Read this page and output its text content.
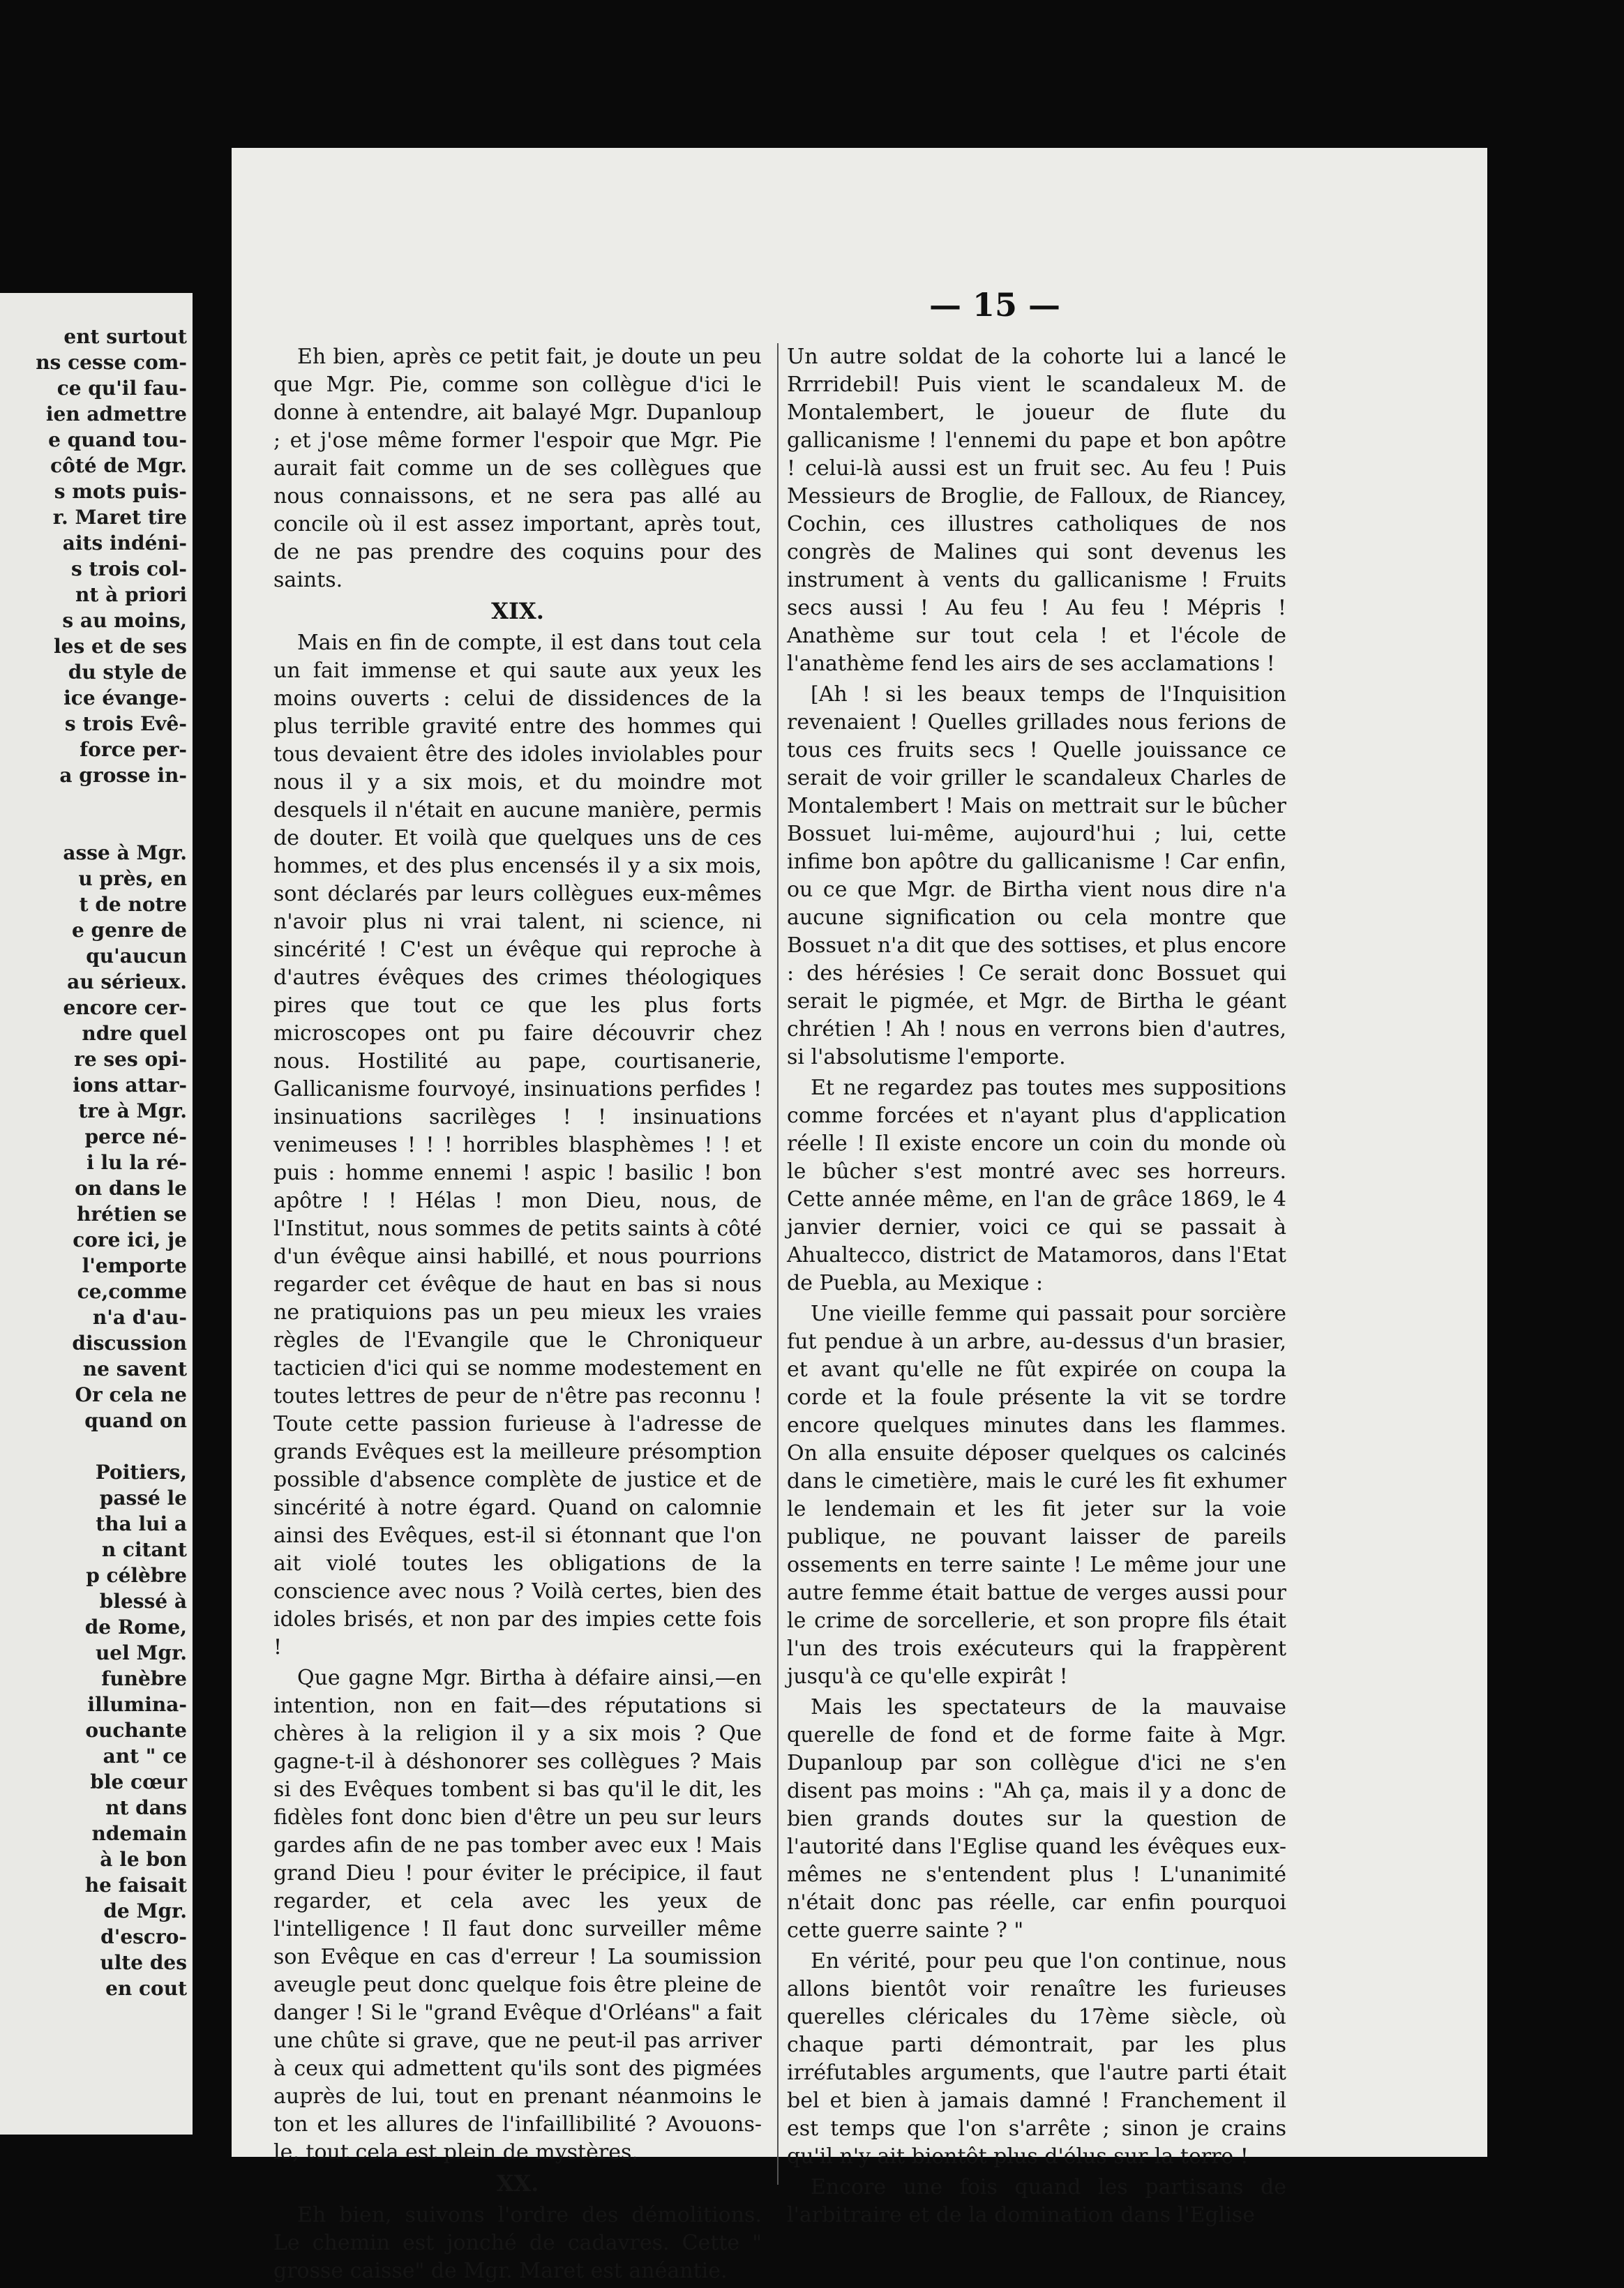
ent surtout
ns cesse com-
ce qu'il fau-
ien admettre
e quand tou-
côté de Mgr.
s mots puis-
r. Maret tire
aits indéni-
s trois col-
nt à priori
s au moins,
les et de ses
du style de
ice évange-
s trois Evê-
force per-
a grosse in-
asse à Mgr.
u près, en
t de notre
e genre de
qu'aucun
au sérieux.
encore cer-
ndre quel
re ses opi-
ions attar-
tre à Mgr.
perce né-
i lu la ré-
on dans le
hrétien se
core ici, je
l'emporte
ce,comme
n'a d'au-
discussion
ne savent
Or cela ne
quand on
Poitiers,
passé le
tha lui a
n citant
p célèbre
blessé à
de Rome,
uel Mgr.
funèbre
illumina-
ouchante
ant " ce
ble cœur
nt dans
ndemain
à le bon
he faisait
de Mgr.
d'escro-
ulte des
en cout
— 15 —

Eh bien, après ce petit fait, je doute un peu que Mgr. Pie, comme son collègue d'ici le donne à entendre, ait balayé Mgr. Dupanloup ; et j'ose même former l'espoir que Mgr. Pie aurait fait comme un de ses collègues que nous connaissons, et ne sera pas allé au concile où il est assez important, après tout, de ne pas prendre des coquins pour des saints.

XIX.

Mais en fin de compte, il est dans tout cela un fait immense et qui saute aux yeux les moins ouverts : celui de dissidences de la plus terrible gravité entre des hommes qui tous devaient être des idoles inviolables pour nous il y a six mois, et du moindre mot desquels il n'était en aucune manière, permis de douter. Et voilà que quelques uns de ces hommes, et des plus encensés il y a six mois, sont déclarés par leurs collègues eux-mêmes n'avoir plus ni vrai talent, ni science, ni sincérité ! C'est un évêque qui reproche à d'autres évêques des crimes théologiques pires que tout ce que les plus forts microscopes ont pu faire découvrir chez nous. Hostilité au pape, courtisanerie, Gallicanisme fourvoyé, insinuations perfides ! insinuations sacrilèges ! ! insinuations venimeuses ! ! ! horribles blasphèmes ! ! et puis : homme ennemi ! aspic ! basilic ! bon apôtre ! ! Hélas ! mon Dieu, nous, de l'Institut, nous sommes de petits saints à côté d'un évêque ainsi habillé, et nous pourrions regarder cet évêque de haut en bas si nous ne pratiquions pas un peu mieux les vraies règles de l'Evangile que le Chroniqueur tacticien d'ici qui se nomme modestement en toutes lettres de peur de n'être pas reconnu ! Toute cette passion furieuse à l'adresse de grands Evêques est la meilleure présomption possible d'absence complète de justice et de sincérité à notre égard. Quand on calomnie ainsi des Evêques, est-il si étonnant que l'on ait violé toutes les obligations de la conscience avec nous ? Voilà certes, bien des idoles brisés, et non par des impies cette fois !

Que gagne Mgr. Birtha à défaire ainsi,—en intention, non en fait—des réputations si chères à la religion il y a six mois ? Que gagne-t-il à déshonorer ses collègues ? Mais si des Evêques tombent si bas qu'il le dit, les fidèles font donc bien d'être un peu sur leurs gardes afin de ne pas tomber avec eux ! Mais grand Dieu ! pour éviter le précipice, il faut regarder, et cela avec les yeux de l'intelligence ! Il faut donc surveiller même son Evêque en cas d'erreur ! La soumission aveugle peut donc quelque fois être pleine de danger ! Si le "grand Evêque d'Orléans" a fait une chûte si grave, que ne peut-il pas arriver à ceux qui admettent qu'ils sont des pigmées auprès de lui, tout en prenant néanmoins le ton et les allures de l'infaillibilité ? Avouons-le, tout cela est plein de mystères.

XX.

Eh bien, suivons l'ordre des démolitions. Le chemin est jonché de cadavres. Cette " grosse caisse" de Mgr. Maret est anéantie.

Un autre soldat de la cohorte lui a lancé le Rrrridebil! Puis vient le scandaleux M. de Montalembert, le joueur de flute du gallicanisme ! l'ennemi du pape et bon apôtre ! celui-là aussi est un fruit sec. Au feu ! Puis Messieurs de Broglie, de Falloux, de Riancey, Cochin, ces illustres catholiques de nos congrès de Malines qui sont devenus les instrument à vents du gallicanisme ! Fruits secs aussi ! Au feu ! Au feu ! Mépris ! Anathème sur tout cela ! et l'école de l'anathème fend les airs de ses acclamations !

[Ah ! si les beaux temps de l'Inquisition revenaient ! Quelles grillades nous ferions de tous ces fruits secs ! Quelle jouissance ce serait de voir griller le scandaleux Charles de Montalembert ! Mais on mettrait sur le bûcher Bossuet lui-même, aujourd'hui ; lui, cette infime bon apôtre du gallicanisme ! Car enfin, ou ce que Mgr. de Birtha vient nous dire n'a aucune signification ou cela montre que Bossuet n'a dit que des sottises, et plus encore : des hérésies ! Ce serait donc Bossuet qui serait le pigmée, et Mgr. de Birtha le géant chrétien ! Ah ! nous en verrons bien d'autres, si l'absolutisme l'emporte.

Et ne regardez pas toutes mes suppositions comme forcées et n'ayant plus d'application réelle ! Il existe encore un coin du monde où le bûcher s'est montré avec ses horreurs. Cette année même, en l'an de grâce 1869, le 4 janvier dernier, voici ce qui se passait à Ahualtecco, district de Matamoros, dans l'Etat de Puebla, au Mexique :

Une vieille femme qui passait pour sorcière fut pendue à un arbre, au-dessus d'un brasier, et avant qu'elle ne fût expirée on coupa la corde et la foule présente la vit se tordre encore quelques minutes dans les flammes. On alla ensuite déposer quelques os calcinés dans le cimetière, mais le curé les fit exhumer le lendemain et les fit jeter sur la voie publique, ne pouvant laisser de pareils ossements en terre sainte ! Le même jour une autre femme était battue de verges aussi pour le crime de sorcellerie, et son propre fils était l'un des trois exécuteurs qui la frappèrent jusqu'à ce qu'elle expirât !

Mais les spectateurs de la mauvaise querelle de fond et de forme faite à Mgr. Dupanloup par son collègue d'ici ne s'en disent pas moins : "Ah ça, mais il y a donc de bien grands doutes sur la question de l'autorité dans l'Eglise quand les évêques eux-mêmes ne s'entendent plus ! L'unanimité n'était donc pas réelle, car enfin pourquoi cette guerre sainte ? "

En vérité, pour peu que l'on continue, nous allons bientôt voir renaître les furieuses querelles cléricales du 17ème siècle, où chaque parti démontrait, par les plus irréfutables arguments, que l'autre parti était bel et bien à jamais damné ! Franchement il est temps que l'on s'arrête ; sinon je crains qu'il n'y ait bientôt plus d'élus sur la terre !

Encore une fois quand les partisans de l'arbitraire et de la domination dans l'Eglise
